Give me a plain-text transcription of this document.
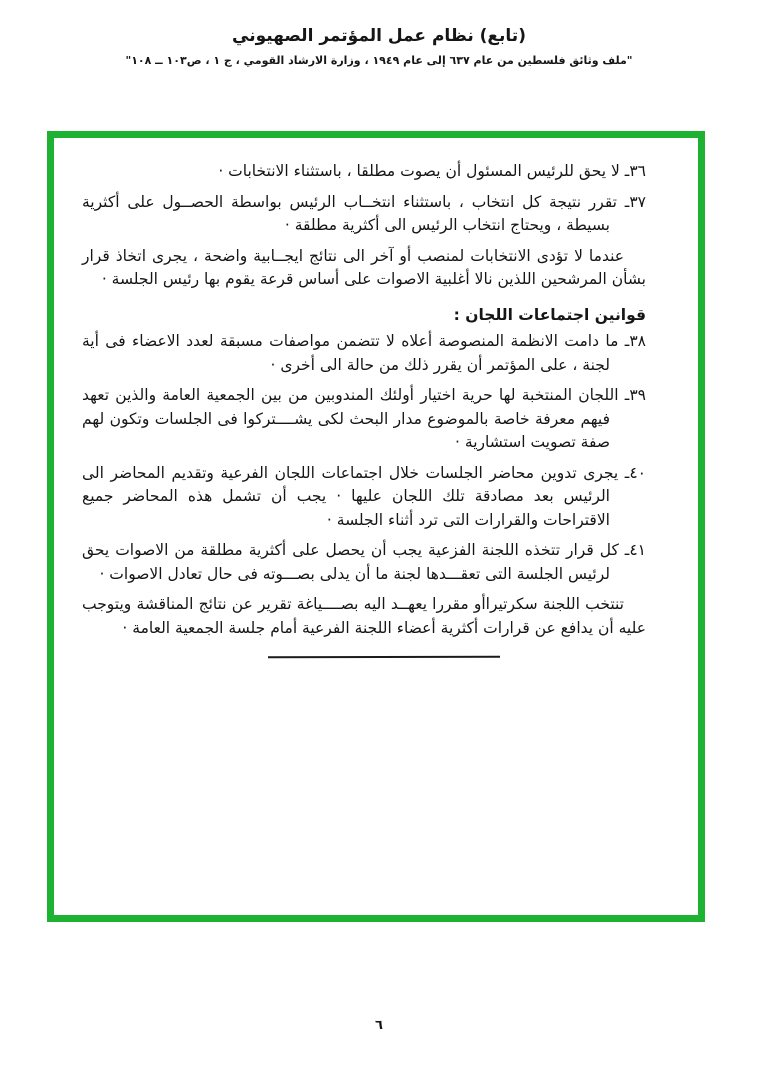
(تابع) نظام عمل المؤتمر الصهيوني
"ملف وثائق فلسطين من عام ٦٣٧ إلى عام ١٩٤٩ ، وزارة الارشاد القومي ، ج ١ ، ص١٠٣ ــ ١٠٨"
٣٦ـ لا يحق للرئيس المسئول أن يصوت مطلقا ، باستثناء الانتخابات ·
٣٧ـ تقرر نتيجة كل انتخاب ، باستثناء انتخــاب الرئيس بواسطة الحصــول على أكثرية بسيطة ، ويحتاج انتخاب الرئيس الى أكثرية مطلقة ·

عندما لا تؤدى الانتخابات لمنصب أو آخر الى نتائج ايجــابية واضحة ، يجرى اتخاذ قرار بشأن المرشحين اللذين نالا أغلبية الاصوات على أساس قرعة يقوم بها رئيس الجلسة ·

قوانين اجتماعات اللجان :
٣٨ـ ما دامت الانظمة المنصوصة أعلاه لا تتضمن مواصفات مسبقة لعدد الاعضاء فى أية لجنة ، على المؤتمر أن يقرر ذلك من حالة الى أخرى ·
٣٩ـ اللجان المنتخبة لها حرية اختيار أولئك المندوبين من بين الجمعية العامة والذين تعهد فيهم معرفة خاصة بالموضوع مدار البحث لكى يشــــتركوا فى الجلسات وتكون لهم صفة تصويت استشارية ·
٤٠ـ يجرى تدوين محاضر الجلسات خلال اجتماعات اللجان الفرعية وتقديم المحاضر الى الرئيس بعد مصادقة تلك اللجان عليها · يجب أن تشمل هذه المحاضر جميع الاقتراحات والقرارات التى ترد أثناء الجلسة ·
٤١ـ كل قرار تتخذه اللجنة الفزعية يجب أن يحصل على أكثرية مطلقة من الاصوات يحق لرئيس الجلسة التى تعقـــدها لجنة ما أن يدلى بصـــوته فى حال تعادل الاصوات ·

تنتخب اللجنة سكرتيراأو مقررا يعهــد اليه بصــــياغة تقرير عن نتائج المناقشة ويتوجب عليه أن يدافع عن قرارات أكثرية أعضاء اللجنة الفرعية أمام جلسة الجمعية العامة ·

٦
